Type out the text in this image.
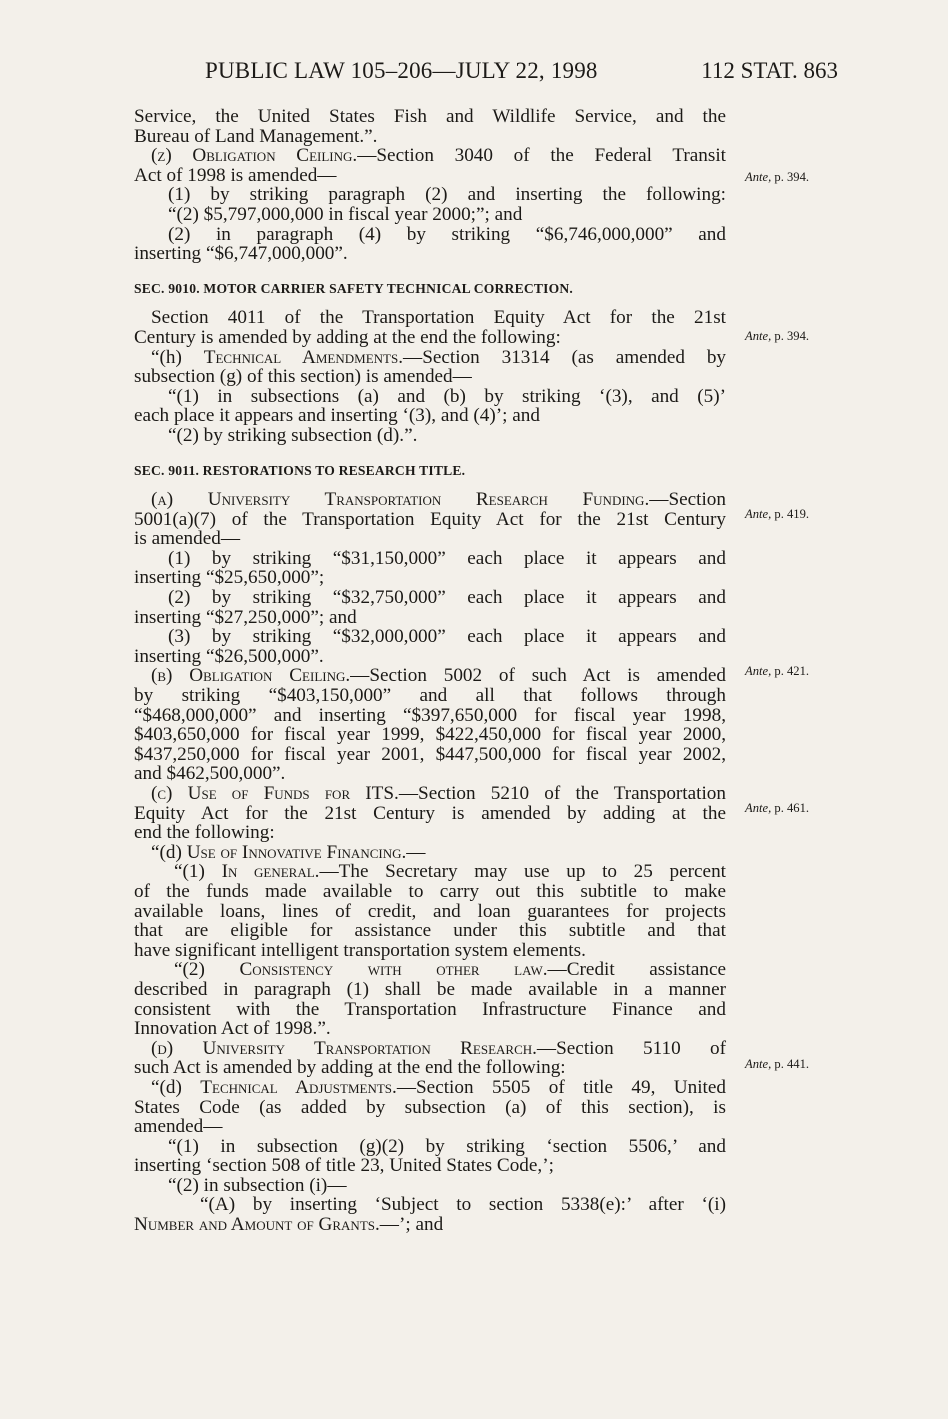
PUBLIC LAW 105–206—JULY 22, 1998	112 STAT. 863
Ante, p. 394.
Ante, p. 394.
Ante, p. 419.
Ante, p. 421.
Ante, p. 461.
Ante, p. 441.

Service, the United States Fish and Wildlife Service, and the

Bureau of Land Management.”.

(z) Obligation Ceiling.—Section 3040 of the Federal Transit

Act of 1998 is amended—

(1) by striking paragraph (2) and inserting the following:

“(2) $5,797,000,000 in fiscal year 2000;”; and

(2) in paragraph (4) by striking “$6,746,000,000” and

inserting “$6,747,000,000”.

SEC. 9010. MOTOR CARRIER SAFETY TECHNICAL CORRECTION.

Section 4011 of the Transportation Equity Act for the 21st

Century is amended by adding at the end the following:

“(h) Technical Amendments.—Section 31314 (as amended by

subsection (g) of this section) is amended—

“(1) in subsections (a) and (b) by striking ‘(3), and (5)’

each place it appears and inserting ‘(3), and (4)’; and

“(2) by striking subsection (d).”.

SEC. 9011. RESTORATIONS TO RESEARCH TITLE.

(a) University Transportation Research Funding.—Section

5001(a)(7) of the Transportation Equity Act for the 21st Century

is amended—

(1) by striking “$31,150,000” each place it appears and

inserting “$25,650,000”;

(2) by striking “$32,750,000” each place it appears and

inserting “$27,250,000”; and

(3) by striking “$32,000,000” each place it appears and

inserting “$26,500,000”.

(b) Obligation Ceiling.—Section 5002 of such Act is amended

by striking “$403,150,000” and all that follows through

“$468,000,000” and inserting “$397,650,000 for fiscal year 1998,

$403,650,000 for fiscal year 1999, $422,450,000 for fiscal year 2000,

$437,250,000 for fiscal year 2001, $447,500,000 for fiscal year 2002,

and $462,500,000”.

(c) Use of Funds for ITS.—Section 5210 of the Transportation

Equity Act for the 21st Century is amended by adding at the

end the following:

“(d) Use of Innovative Financing.—

“(1) In general.—The Secretary may use up to 25 percent

of the funds made available to carry out this subtitle to make

available loans, lines of credit, and loan guarantees for projects

that are eligible for assistance under this subtitle and that

have significant intelligent transportation system elements.

“(2) Consistency with other law.—Credit assistance

described in paragraph (1) shall be made available in a manner

consistent with the Transportation Infrastructure Finance and

Innovation Act of 1998.”.

(d) University Transportation Research.—Section 5110 of

such Act is amended by adding at the end the following:

“(d) Technical Adjustments.—Section 5505 of title 49, United

States Code (as added by subsection (a) of this section), is

amended—

“(1) in subsection (g)(2) by striking ‘section 5506,’ and

inserting ‘section 508 of title 23, United States Code,’;

“(2) in subsection (i)—

“(A) by inserting ‘Subject to section 5338(e):’ after ‘(i)

Number and Amount of Grants.—’; and
